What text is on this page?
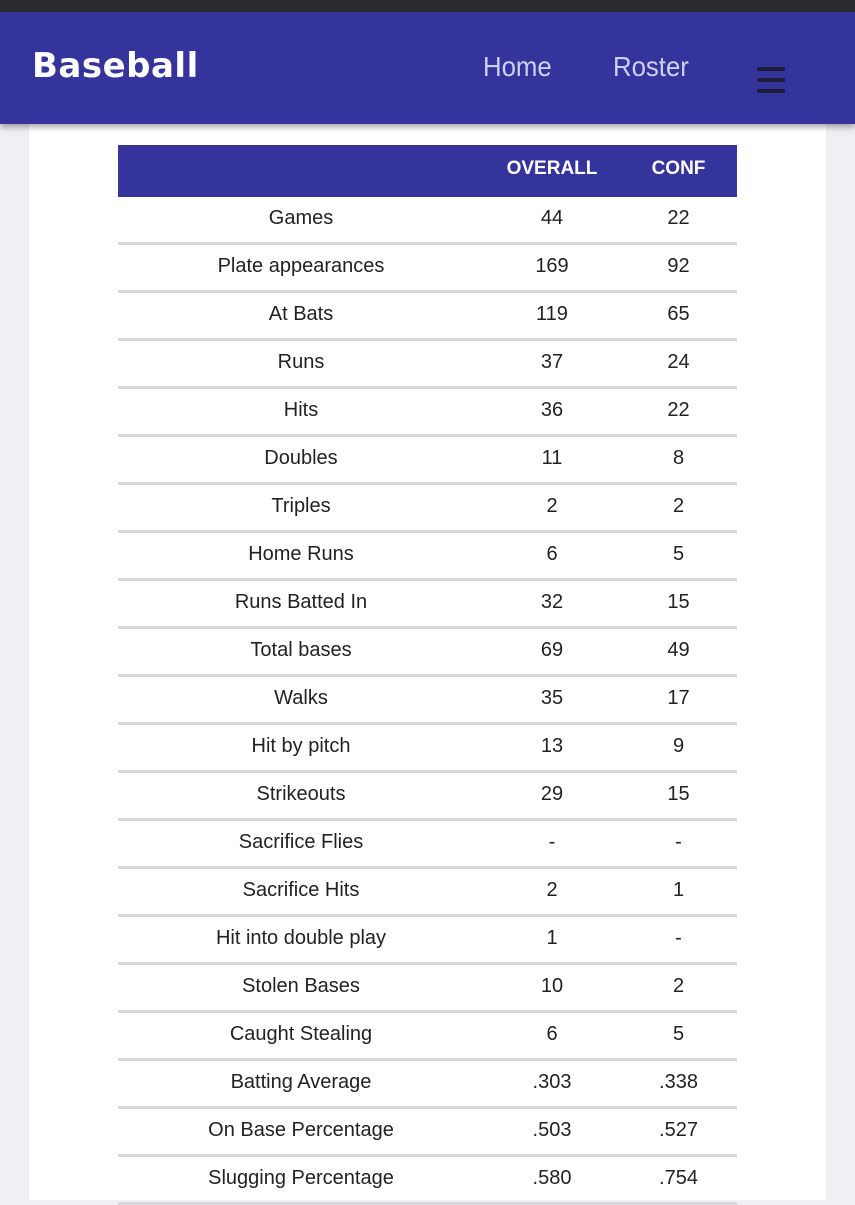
Baseball	Home Roster
OVERALL	CONF
Games	44	22
Plate appearances	169	92
At Bats	119	65
Runs	37	24
Hits	36	22
Doubles	11	8
Triples	2	2
Home Runs	6	5
Runs Batted In	32	15
Total bases	69	49
Walks	35	17
Hit by pitch	13	9
Strikeouts	29	15
Sacrifice Flies	-	-
Sacrifice Hits	2	1
Hit into double play	1	-
Stolen Bases	10	2
Caught Stealing	6	5
Batting Average	.303	.338
On Base Percentage	.503	.527
Slugging Percentage	.580	.754
